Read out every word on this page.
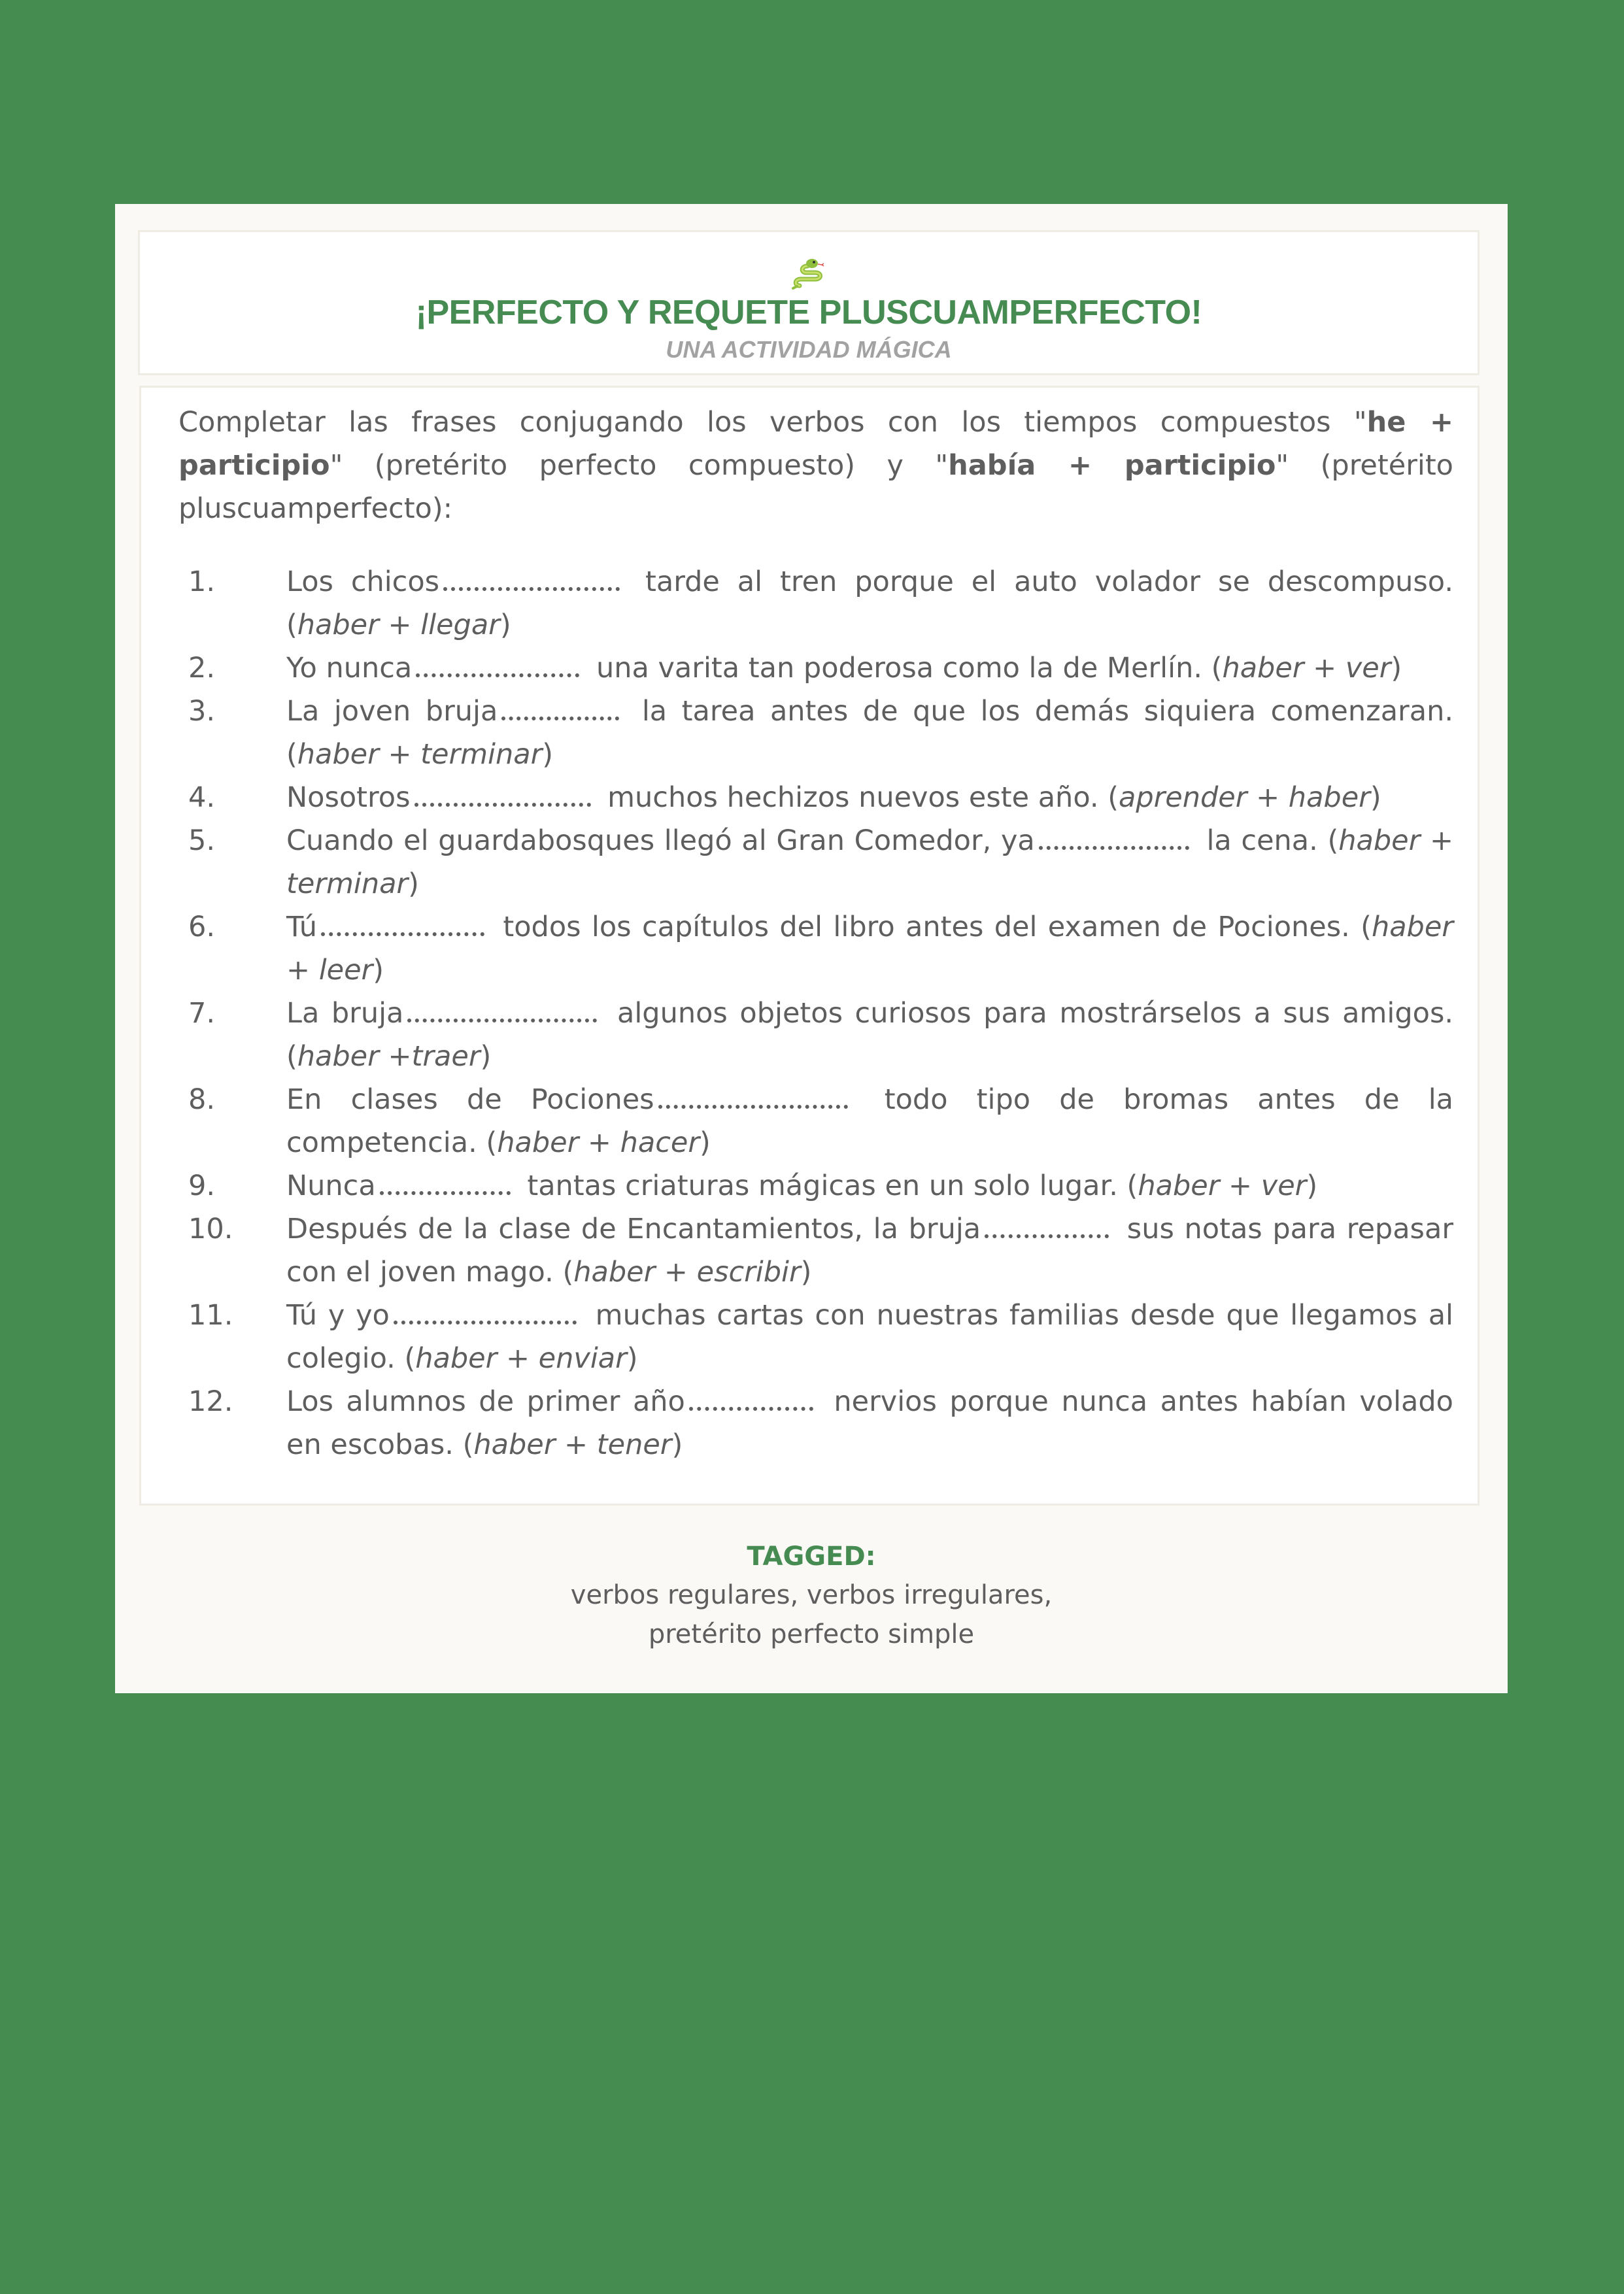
¡PERFECTO Y REQUETE PLUSCUAMPERFECTO!
UNA ACTIVIDAD MÁGICA

Completar las frases conjugando los verbos con los tiempos compuestos "he + participio" (pretérito perfecto compuesto) y "había + participio" (pretérito pluscuamperfecto):

1.	Los chicos	tarde al tren porque el auto volador se descompuso. (haber + llegar)
2.	Yo nunca	una varita tan poderosa como la de Merlín. (haber + ver)
3.	La joven bruja	la tarea antes de que los demás siquiera comenzaran. (haber + terminar)
4.	Nosotros	muchos hechizos nuevos este año. (aprender + haber)
5.	Cuando el guardabosques llegó al Gran Comedor, ya	la cena. (haber + terminar)
6.	Tú	todos los capítulos del libro antes del examen de Pociones. (haber + leer)
7.	La bruja	algunos objetos curiosos para mostrárselos a sus amigos. (haber +traer)
8.	En clases de Pociones	todo tipo de bromas antes de la competencia. (haber + hacer)
9.	Nunca	tantas criaturas mágicas en un solo lugar. (haber + ver)
10.	Después de la clase de Encantamientos, la bruja	sus notas para repasar con el joven mago. (haber + escribir)
11.	Tú y yo	muchas cartas con nuestras familias desde que llegamos al colegio. (haber + enviar)
12.	Los alumnos de primer año	nervios porque nunca antes habían volado en escobas. (haber + tener)
TAGGED:
verbos regulares, verbos irregulares,
pretérito perfecto simple
